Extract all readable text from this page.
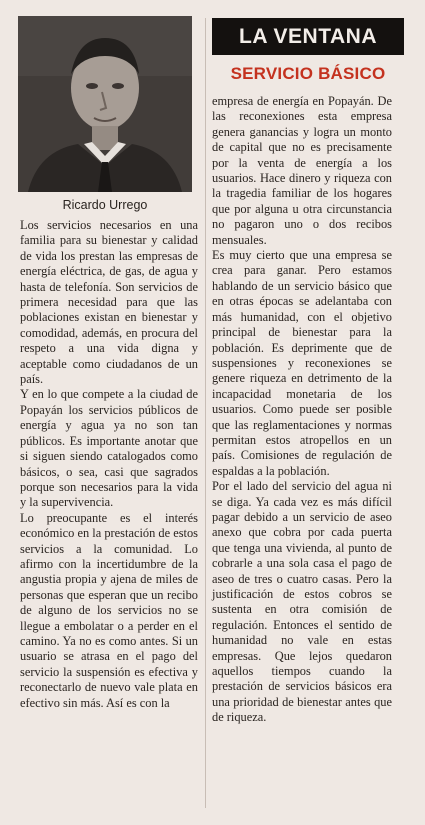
Ricardo Urrego

Los servicios necesarios en una familia para su bienestar y calidad de vida los prestan las empresas de energía eléctrica, de gas, de agua y hasta de telefonía. Son servicios de primera necesidad para que las poblaciones existan en bienestar y comodidad, además, en procura del respeto a una vida digna y aceptable como ciudadanos de un país.

Y en lo que compete a la ciudad de Popayán los servicios públicos de energía y agua ya no son tan públicos. Es importante anotar que si siguen siendo catalogados como básicos, o sea, casi que sagrados porque son necesarios para la vida y la supervivencia.

Lo preocupante es el interés económico en la prestación de estos servicios a la comunidad. Lo afirmo con la incertidumbre de la angustia propia y ajena de miles de personas que esperan que un recibo de alguno de los servicios no se llegue a embolatar o a perder en el camino. Ya no es como antes. Si un usuario se atrasa en el pago del servicio la suspensión es efectiva y reconectarlo de nuevo vale plata en efectivo sin más. Así es con la

LA VENTANA
SERVICIO BÁSICO

empresa de energía en Popayán. De las reconexiones esta empresa genera ganancias y logra un monto de capital que no es precisamente por la venta de energía a los usuarios. Hace dinero y riqueza con la tragedia familiar de los hogares que por alguna u otra circunstancia no pagaron uno o dos recibos mensuales.

Es muy cierto que una empresa se crea para ganar. Pero estamos hablando de un servicio básico que en otras épocas se adelantaba con más humanidad, con el objetivo principal de bienestar para la población. Es deprimente que de suspensiones y reconexiones se genere riqueza en detrimento de la incapacidad monetaria de los usuarios. Como puede ser posible que las reglamentaciones y normas permitan estos atropellos en un país. Comisiones de regulación de espaldas a la población.

Por el lado del servicio del agua ni se diga. Ya cada vez es más difícil pagar debido a un servicio de aseo anexo que cobra por cada puerta que tenga una vivienda, al punto de cobrarle a una sola casa el pago de aseo de tres o cuatro casas. Pero la justificación de estos cobros se sustenta en otra comisión de regulación. Entonces el sentido de humanidad no vale en estas empresas. Que lejos quedaron aquellos tiempos cuando la prestación de servicios básicos era una prioridad de bienestar antes que de riqueza.
